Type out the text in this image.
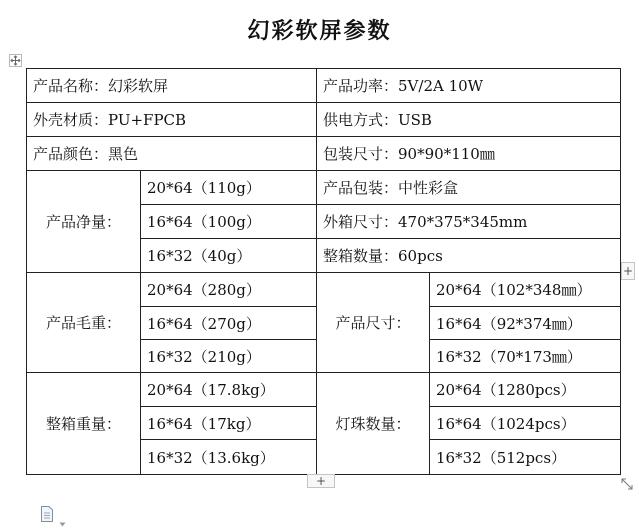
幻彩软屏参数
产品名称：幻彩软屏		产品功率：5V/2A 10W	
外壳材质：PU+FPCB		供电方式：USB	
产品颜色：黑色		包装尺寸：90*90*110㎜	
产品净量：	20*64（110g）	产品包装：中性彩盒	
	16*64（100g）	外箱尺寸：470*375*345mm	
	16*32（40g）	整箱数量：60pcs	
产品毛重：	20*64（280g）	产品尺寸：	20*64（102*348㎜）
	16*64（270g）		16*64（92*374㎜）
	16*32（210g）		16*32（70*173㎜）
整箱重量：	20*64（17.8kg）	灯珠数量：	20*64（1280pcs）
	16*64（17kg）		16*64（1024pcs）
	16*32（13.6kg）		16*32（512pcs）
+
+
